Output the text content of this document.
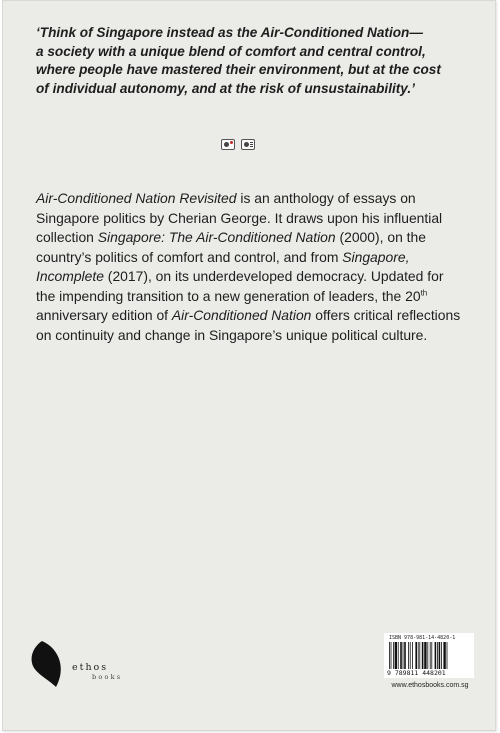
‘Think of Singapore instead as the Air-Conditioned Nation—
a society with a unique blend of comfort and central control,
where people have mastered their environment, but at the cost
of individual autonomy, and at the risk of unsustainability.’
Air-Conditioned Nation Revisited is an anthology of essays on
Singapore politics by Cherian George. It draws upon his influential
collection Singapore: The Air-Conditioned Nation (2000), on the
country’s politics of comfort and control, and from Singapore,
Incomplete (2017), on its underdeveloped democracy. Updated for
the impending transition to a new generation of leaders, the 20th
anniversary edition of Air-Conditioned Nation offers critical reflections
on continuity and change in Singapore’s unique political culture.
ethos
books
ISBN 978-981-14-4820-1
9 789811 448201
www.ethosbooks.com.sg
